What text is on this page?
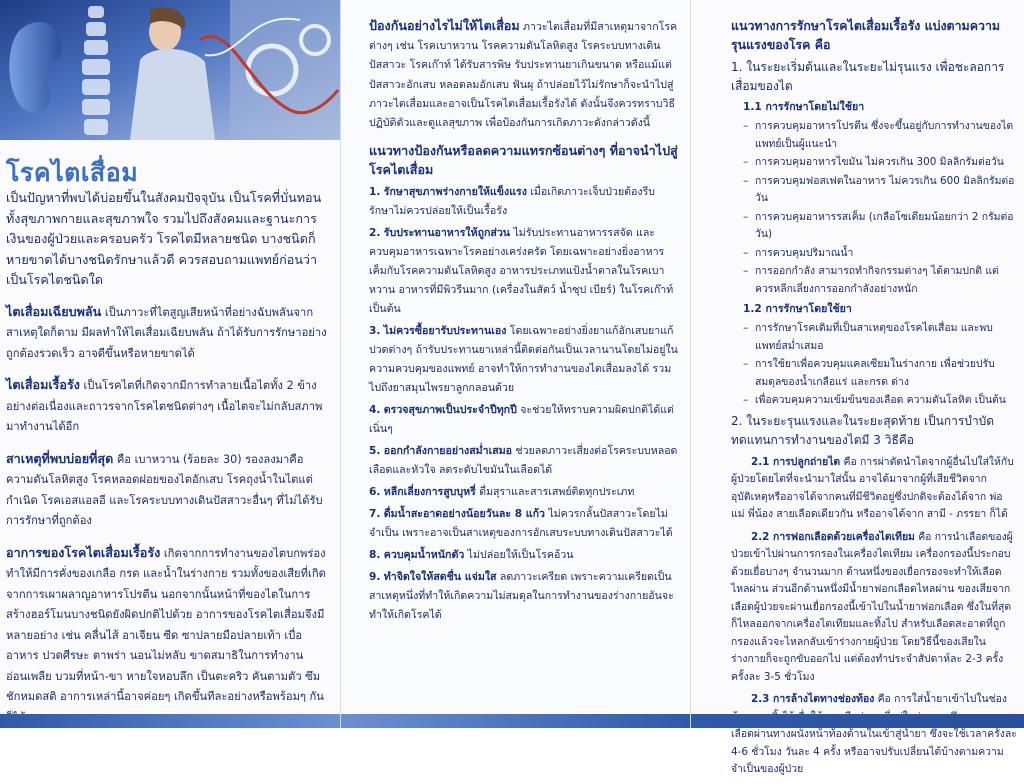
โรคไตเสื่อม

เป็นปัญหาที่พบได้บ่อยขึ้นในสังคมปัจจุบัน เป็นโรคที่บั่นทอนทั้งสุขภาพกายและสุขภาพใจ รวมไปถึงสังคมและฐานะการเงินของผู้ป่วยและครอบครัว โรคไตมีหลายชนิด บางชนิดก็หายขาดได้บางชนิดรักษาแล้วดี ควรสอบถามแพทย์ก่อนว่าเป็นโรคไตชนิดใด

ไตเสื่อมเฉียบพลัน เป็นภาวะที่ไตสูญเสียหน้าที่อย่างฉับพลันจากสาเหตุใดก็ตาม มีผลทำให้ไตเสื่อมเฉียบพลัน ถ้าได้รับการรักษาอย่างถูกต้องรวดเร็ว อาจดีขึ้นหรือหายขาดได้

ไตเสื่อมเรื้อรัง เป็นโรคไตที่เกิดจากมีการทำลายเนื้อไตทั้ง 2 ข้างอย่างต่อเนื่องและถาวรจากโรคไตชนิดต่างๆ เนื้อไตจะไม่กลับสภาพมาทำงานได้อีก

สาเหตุที่พบบ่อยที่สุด คือ เบาหวาน (ร้อยละ 30) รองลงมาคือ ความดันโลหิตสูง โรคหลอดฝอยของไตอักเสบ โรคถุงน้ำในไตแต่กำเนิด โรคเอสแอลอี และโรคระบบทางเดินปัสสาวะอื่นๆ ที่ไม่ได้รับการรักษาที่ถูกต้อง

อาการของโรคไตเสื่อมเรื้อรัง เกิดจากการทำงานของไตบกพร่องทำให้มีการคั่งของเกลือ กรด และน้ำในร่างกาย รวมทั้งของเสียที่เกิดจากการเผาผลาญอาหารโปรตีน นอกจากนั้นหน้าที่ของไตในการสร้างฮอร์โมนบางชนิดยังผิดปกติไปด้วย อาการของโรคไตเสื่อมจึงมีหลายอย่าง เช่น คลื่นไส้ อาเจียน ซีด ซาปลายมือปลายเท้า เบื่ออาหาร ปวดศีรษะ ตาพร่า นอนไม่หลับ ขาดสมาธิในการทำงาน อ่อนเพลีย บวมที่หน้า-ขา หายใจหอบลึก เป็นตะคริว คันตามตัว ซึม ชักหมดสติ อาการเหล่านี้อาจค่อยๆ เกิดขึ้นทีละอย่างหรือพร้อมๆ กัน

ป้องกันอย่างไรไม่ให้ไตเสื่อม ภาวะไตเสื่อมที่มีสาเหตุมาจากโรคต่างๆ เช่น โรคเบาหวาน โรคความดันโลหิตสูง โรคระบบทางเดินปัสสาวะ โรคเก๊าท์ ได้รับสารพิษ รับประทานยาเกินขนาด หรือแม้แต่ปัสสาวะอักเสบ หลอดลมอักเสบ ฟันผุ ถ้าปล่อยไว้ไม่รักษาก็จะนำไปสู่ภาวะไตเสื่อมและอาจเป็นโรคไตเสื่อมเรื้อรังได้ ดังนั้นจึงควรทราบวิธีปฏิบัติตัวและดูแลสุขภาพ เพื่อป้องกันการเกิดภาวะดังกล่าวดังนี้

แนวทางป้องกันหรือลดความแทรกซ้อนต่างๆ ที่อาจนำไปสู่โรคไตเสื่อม
1. รักษาสุขภาพร่างกายให้แข็งแรง เมื่อเกิดภาวะเจ็บป่วยต้องรีบรักษาไม่ควรปล่อยให้เป็นเรื้อรัง
2. รับประทานอาหารให้ถูกส่วน ไม่รับประทานอาหารรสจัด และควบคุมอาหารเฉพาะโรคอย่างเคร่งครัด โดยเฉพาะอย่างยิ่งอาหารเค็มกับโรคความดันโลหิตสูง อาหารประเภทแป้งน้ำตาลในโรคเบาหวาน อาหารที่มีพิวรีนมาก (เครื่องในสัตว์ น้ำซุป เบียร์) ในโรคเก๊าท์ เป็นต้น
3. ไม่ควรซื้อยารับประทานเอง โดยเฉพาะอย่างยิ่งยาแก้อักเสบยาแก้ปวดต่างๆ ถ้ารับประทานยาเหล่านี้ติดต่อกันเป็นเวลานานโดยไม่อยู่ในความควบคุมของแพทย์ อาจทำให้การทำงานของไตเสื่อมลงได้ รวมไปถึงยาสมุนไพรยาลูกกลอนด้วย
4. ตรวจสุขภาพเป็นประจำปีทุกปี จะช่วยให้ทราบความผิดปกติได้แต่เนิ่นๆ
5. ออกกำลังกายอย่างสม่ำเสมอ ช่วยลดภาวะเสี่ยงต่อโรคระบบหลอดเลือดและหัวใจ ลดระดับไขมันในเลือดได้
6. หลีกเลี่ยงการสูบบุหรี่ ดื่มสุราและสารเสพย์ติดทุกประเภท
7. ดื่มน้ำสะอาดอย่างน้อยวันละ 8 แก้ว ไม่ควรกลั้นปัสสาวะโดยไม่จำเป็น เพราะอาจเป็นสาเหตุของการอักเสบระบบทางเดินปัสสาวะได้
8. ควบคุมน้ำหนักตัว ไม่ปล่อยให้เป็นโรคอ้วน
9. ทำจิตใจให้สดชื่น แจ่มใส ลดภาวะเครียด เพราะความเครียดเป็นสาเหตุหนึ่งที่ทำให้เกิดความไม่สมดุลในการทำงานของร่างกายอันจะทำให้เกิดโรคได้
แนวทางการรักษาโรคไตเสื่อมเรื้อรัง แบ่งตามความรุนแรงของโรค คือ
1. ในระยะเริ่มต้นและในระยะไม่รุนแรง เพื่อชะลอการเสื่อมของไต
1.1 การรักษาโดยไม่ใช้ยา
– การควบคุมอาหารโปรตีน ซึ่งจะขึ้นอยู่กับการทำงานของไต แพทย์เป็นผู้แนะนำ
– การควบคุมอาหารไขมัน ไม่ควรเกิน 300 มิลลิกรัมต่อวัน
– การควบคุมฟอสเฟตในอาหาร ไม่ควรเกิน 600 มิลลิกรัมต่อวัน
– การควบคุมอาหารรสเค็ม (เกลือโซเดียมน้อยกว่า 2 กรัมต่อวัน)
– การควบคุมปริมาณน้ำ
– การออกกำลัง สามารถทำกิจกรรมต่างๆ ได้ตามปกติ แต่ควรหลีกเลี่ยงการออกกำลังอย่างหนัก
1.2 การรักษาโดยใช้ยา
– การรักษาโรคเดิมที่เป็นสาเหตุของโรคไตเสื่อม และพบแพทย์สม่ำเสมอ
– การใช้ยาเพื่อควบคุมแคลเซียมในร่างกาย เพื่อช่วยปรับสมดุลของน้ำเกลือแร่ และกรด ด่าง
– เพื่อควบคุมความเข้มข้นของเลือด ความดันโลหิต เป็นต้น
2. ในระยะรุนแรงและในระยะสุดท้าย เป็นการบำบัดทดแทนการทำงานของไตมี 3 วิธีคือ
2.1 การปลูกถ่ายไต คือ การผ่าตัดนำไตจากผู้อื่นไปใส่ให้กับผู้ป่วยโดยไตที่จะนำมาใส่นั้น อาจได้มาจากผู้ที่เสียชีวิตจากอุบัติเหตุหรืออาจได้จากคนที่มีชีวิตอยู่ซึ่งปกติจะต้องได้จาก พ่อ แม่ พี่น้อง สายเลือดเดียวกัน หรืออาจได้จาก สามี - ภรรยา ก็ได้
2.2 การฟอกเลือดด้วยเครื่องไตเทียม คือ การนำเลือดของผู้ป่วยเข้าไปผ่านการกรองในเครื่องไตเทียม เครื่องกรองนี้ประกอบด้วยเยื่อบางๆ จำนวนมาก ด้านหนึ่งของเยื่อกรองจะทำให้เลือดไหลผ่าน ส่วนอีกด้านหนึ่งมีน้ำยาฟอกเลือดไหลผ่าน ของเสียจากเลือดผู้ป่วยจะผ่านเยื่อกรองนี้เข้าไปในน้ำยาฟอกเลือด ซึ่งในที่สุดก็ไหลออกจากเครื่องไตเทียมและทิ้งไป สำหรับเลือดสะอาดที่ถูกกรองแล้วจะไหลกลับเข้าร่างกายผู้ป่วย โดยวิธีนี้ของเสียในร่างกายก็จะถูกขับออกไป แต่ต้องทำประจำสัปดาห์ละ 2-3 ครั้ง ครั้งละ 3-5 ชั่วโมง
2.3 การล้างไตทางช่องท้อง คือ การใส่น้ำยาเข้าไปในช่อง เลือดผ่านทางผนังหน้าท้องด้านในเข้าสู่น้ำยา ซึ่งจะใช้เวลาครั้งละ 4-6 ชั่วโมง วันละ 4 ครั้ง หรืออาจปรับเปลี่ยนได้บ้างตามความจำเป็นของผู้ป่วย
